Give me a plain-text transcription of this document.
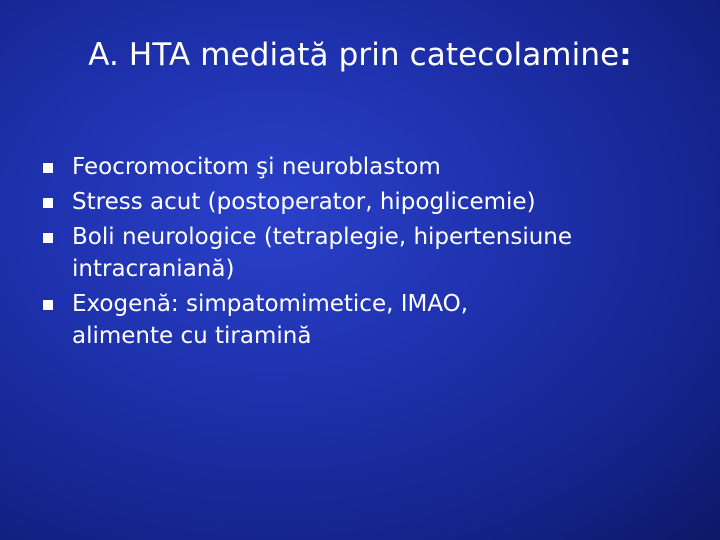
A. HTA mediată prin catecolamine:
Feocromocitom şi neuroblastom
Stress acut (postoperator, hipoglicemie)
Boli neurologice (tetraplegie, hipertensiune
intracraniană)
Exogenă: simpatomimetice, IMAO,
alimente cu tiramină
